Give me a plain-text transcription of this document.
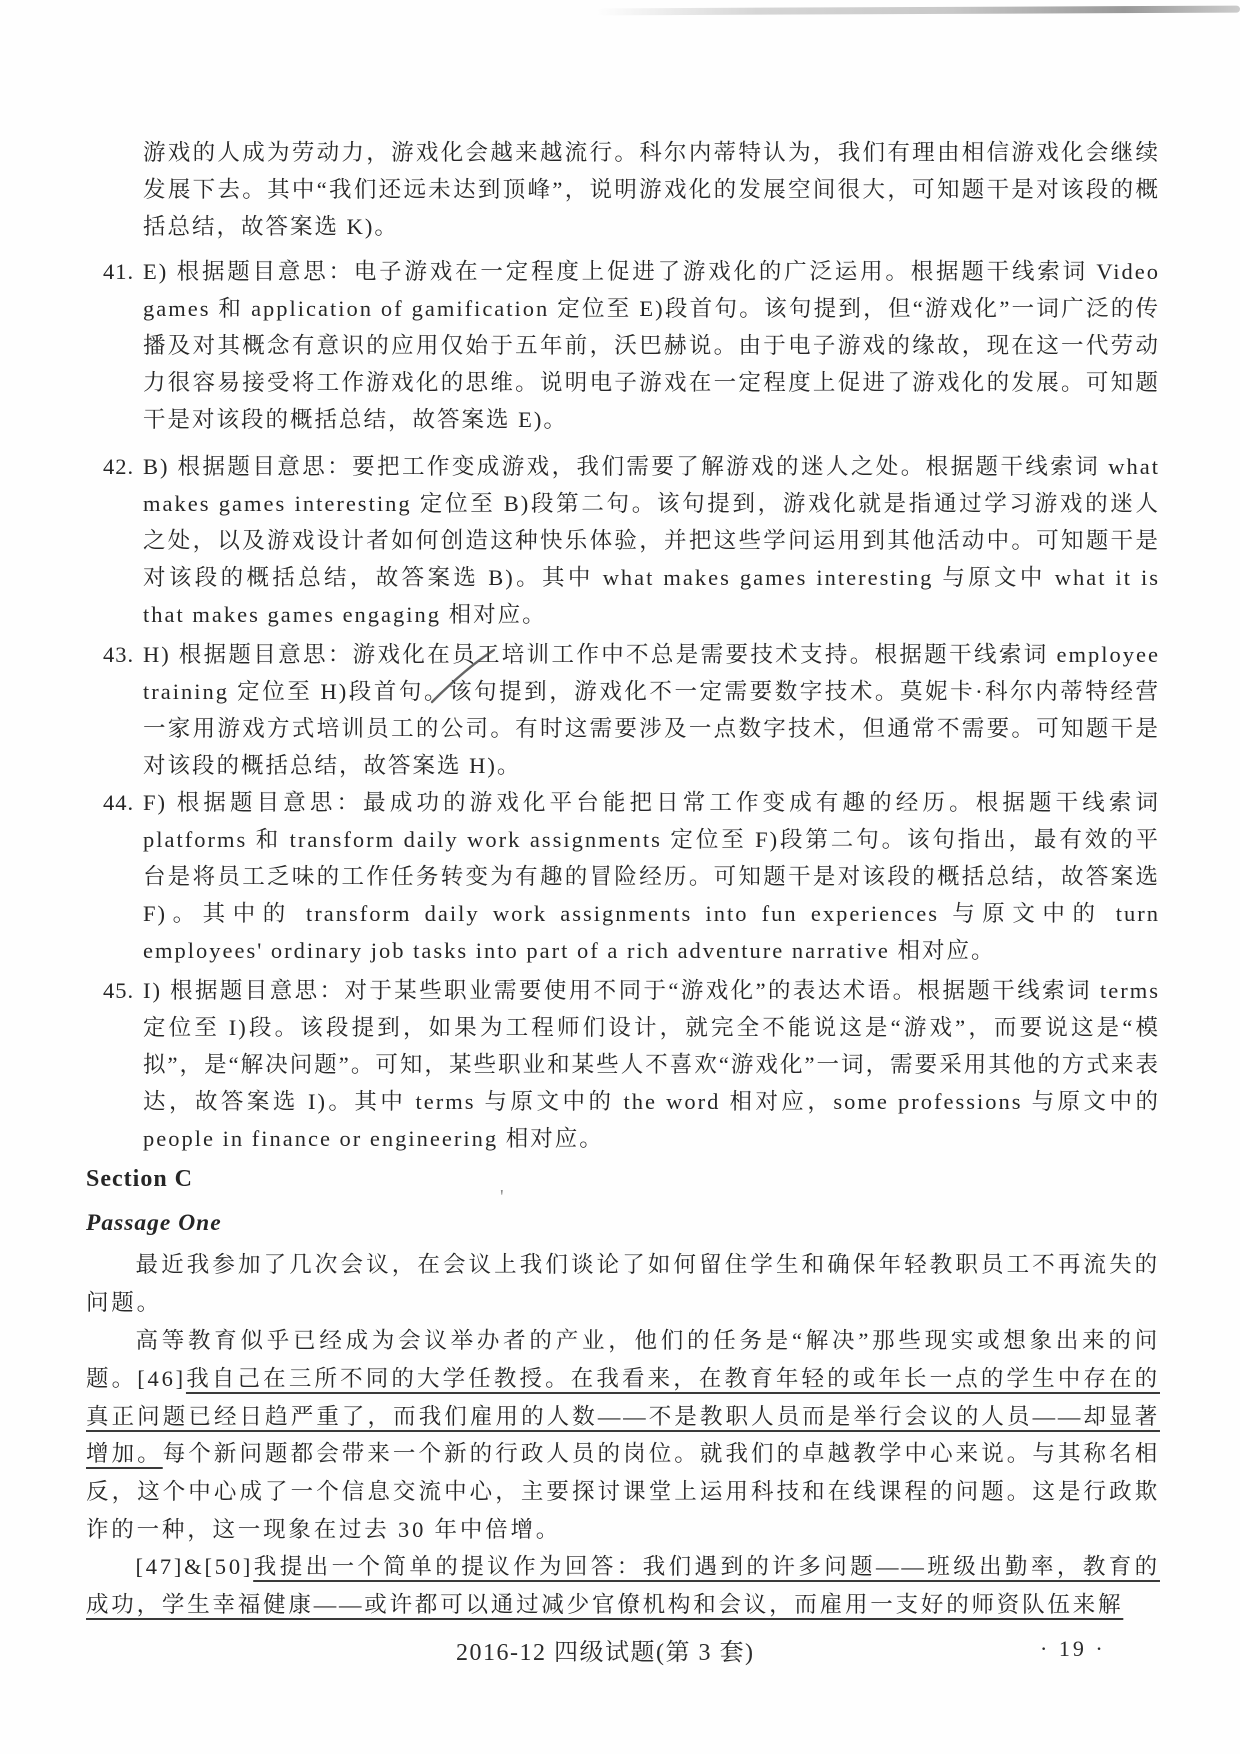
游戏的人成为劳动力，游戏化会越来越流行。科尔内蒂特认为，我们有理由相信游戏化会继续发展下去。其中“我们还远未达到顶峰”，说明游戏化的发展空间很大，可知题干是对该段的概括总结，故答案选 K)。

41. E) 根据题目意思：电子游戏在一定程度上促进了游戏化的广泛运用。根据题干线索词 Video games 和 application of gamification 定位至 E)段首句。该句提到，但“游戏化”一词广泛的传播及对其概念有意识的应用仅始于五年前，沃巴赫说。由于电子游戏的缘故，现在这一代劳动力很容易接受将工作游戏化的思维。说明电子游戏在一定程度上促进了游戏化的发展。可知题干是对该段的概括总结，故答案选 E)。
42. B) 根据题目意思：要把工作变成游戏，我们需要了解游戏的迷人之处。根据题干线索词 what makes games interesting 定位至 B)段第二句。该句提到，游戏化就是指通过学习游戏的迷人之处，以及游戏设计者如何创造这种快乐体验，并把这些学问运用到其他活动中。可知题干是对该段的概括总结，故答案选 B)。其中 what makes games interesting 与原文中 what it is that makes games engaging 相对应。
43. H) 根据题目意思：游戏化在员工培训工作中不总是需要技术支持。根据题干线索词 employee training 定位至 H)段首句。该句提到，游戏化不一定需要数字技术。莫妮卡·科尔内蒂特经营一家用游戏方式培训员工的公司。有时这需要涉及一点数字技术，但通常不需要。可知题干是对该段的概括总结，故答案选 H)。
44. F) 根据题目意思：最成功的游戏化平台能把日常工作变成有趣的经历。根据题干线索词 platforms 和 transform daily work assignments 定位至 F)段第二句。该句指出，最有效的平台是将员工乏味的工作任务转变为有趣的冒险经历。可知题干是对该段的概括总结，故答案选 F)。其中的 transform daily work assignments into fun experiences 与原文中的 turn employees' ordinary job tasks into part of a rich adventure narrative 相对应。
45. I) 根据题目意思：对于某些职业需要使用不同于“游戏化”的表达术语。根据题干线索词 terms 定位至 I)段。该段提到，如果为工程师们设计，就完全不能说这是“游戏”，而要说这是“模拟”，是“解决问题”。可知，某些职业和某些人不喜欢“游戏化”一词，需要采用其他的方式来表达，故答案选 I)。其中 terms 与原文中的 the word 相对应，some professions 与原文中的 people in finance or engineering 相对应。
Section C
Passage One

最近我参加了几次会议，在会议上我们谈论了如何留住学生和确保年轻教职员工不再流失的问题。

高等教育似乎已经成为会议举办者的产业，他们的任务是“解决”那些现实或想象出来的问题。[46]我自己在三所不同的大学任教授。在我看来，在教育年轻的或年长一点的学生中存在的真正问题已经日趋严重了，而我们雇用的人数——不是教职人员而是举行会议的人员——却显著增加。每个新问题都会带来一个新的行政人员的岗位。就我们的卓越教学中心来说。与其称名相反，这个中心成了一个信息交流中心，主要探讨课堂上运用科技和在线课程的问题。这是行政欺诈的一种，这一现象在过去 30 年中倍增。

[47]&[50]我提出一个简单的提议作为回答：我们遇到的许多问题——班级出勤率，教育的成功，学生幸福健康——或许都可以通过减少官僚机构和会议，而雇用一支好的师资队伍来解

'
2016-12 四级试题(第 3 套)	· 19 ·
